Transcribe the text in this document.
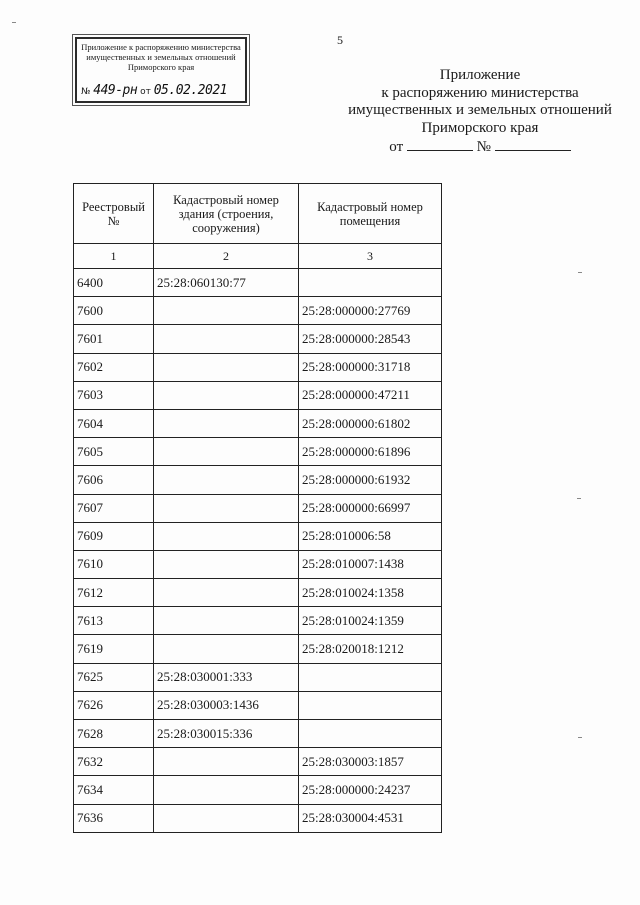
Приложение к распоряжению министерства
имущественных и земельных отношений
Приморского края
№ 449-рн от 05.02.2021
5
Приложение
к распоряжению министерства
имущественных и земельных отношений
Приморского края
от	№
Реестровый №	Кадастровый номер здания (строения, сооружения)	Кадастровый номер помещения
1	2	3
6400	25:28:060130:77	
7600		25:28:000000:27769
7601		25:28:000000:28543
7602		25:28:000000:31718
7603		25:28:000000:47211
7604		25:28:000000:61802
7605		25:28:000000:61896
7606		25:28:000000:61932
7607		25:28:000000:66997
7609		25:28:010006:58
7610		25:28:010007:1438
7612		25:28:010024:1358
7613		25:28:010024:1359
7619		25:28:020018:1212
7625	25:28:030001:333	
7626	25:28:030003:1436	
7628	25:28:030015:336	
7632		25:28:030003:1857
7634		25:28:000000:24237
7636		25:28:030004:4531
